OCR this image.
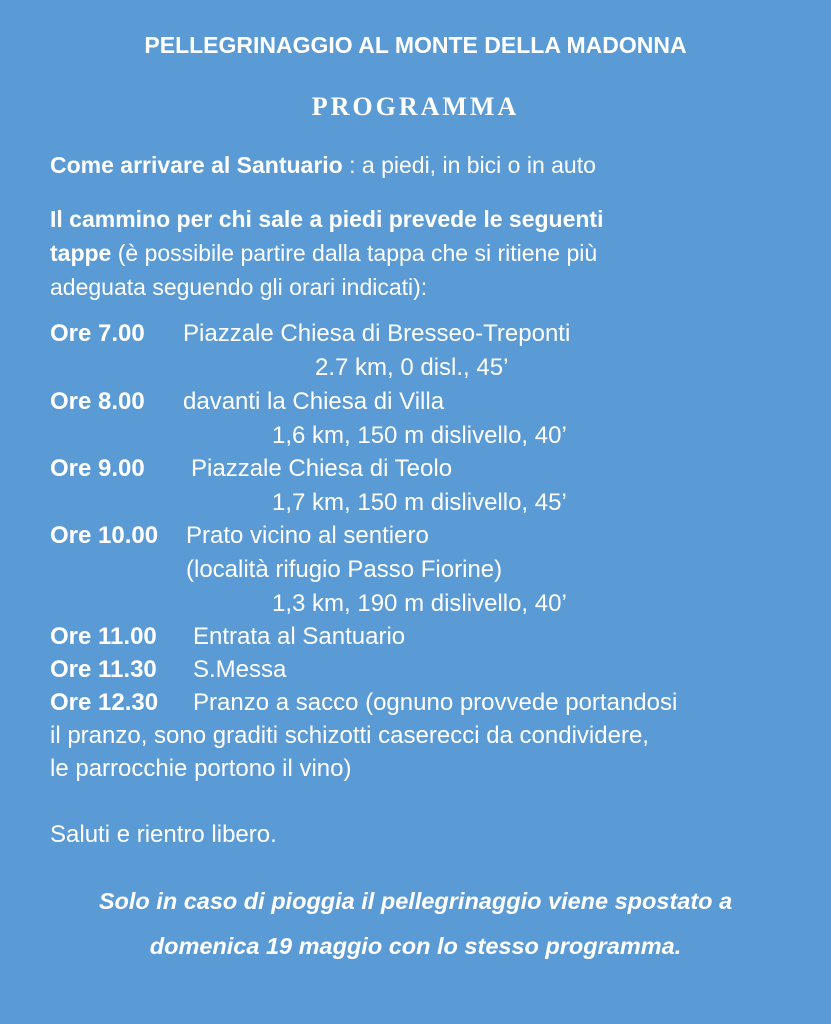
PELLEGRINAGGIO AL MONTE DELLA MADONNA
PROGRAMMA
Come arrivare al Santuario : a piedi, in bici o in auto
Il cammino per chi sale a piedi prevede le seguenti
tappe (è possibile partire dalla tappa che si ritiene più
adeguata seguendo gli orari indicati):
Ore 7.00 Piazzale Chiesa di Bresseo-Treponti
2.7 km, 0 disl., 45’
Ore 8.00 davanti la Chiesa di Villa
1,6 km, 150 m dislivello, 40’
Ore 9.00 Piazzale Chiesa di Teolo
1,7 km, 150 m dislivello, 45’
Ore 10.00 Prato vicino al sentiero
(località rifugio Passo Fiorine)
1,3 km, 190 m dislivello, 40’
Ore 11.00 Entrata al Santuario
Ore 11.30 S.Messa
Ore 12.30 Pranzo a sacco (ognuno provvede portandosi
il pranzo, sono graditi schizotti caserecci da condividere,
le parrocchie portono il vino)
Saluti e rientro libero.
Solo in caso di pioggia il pellegrinaggio viene spostato a
domenica 19 maggio con lo stesso programma.
